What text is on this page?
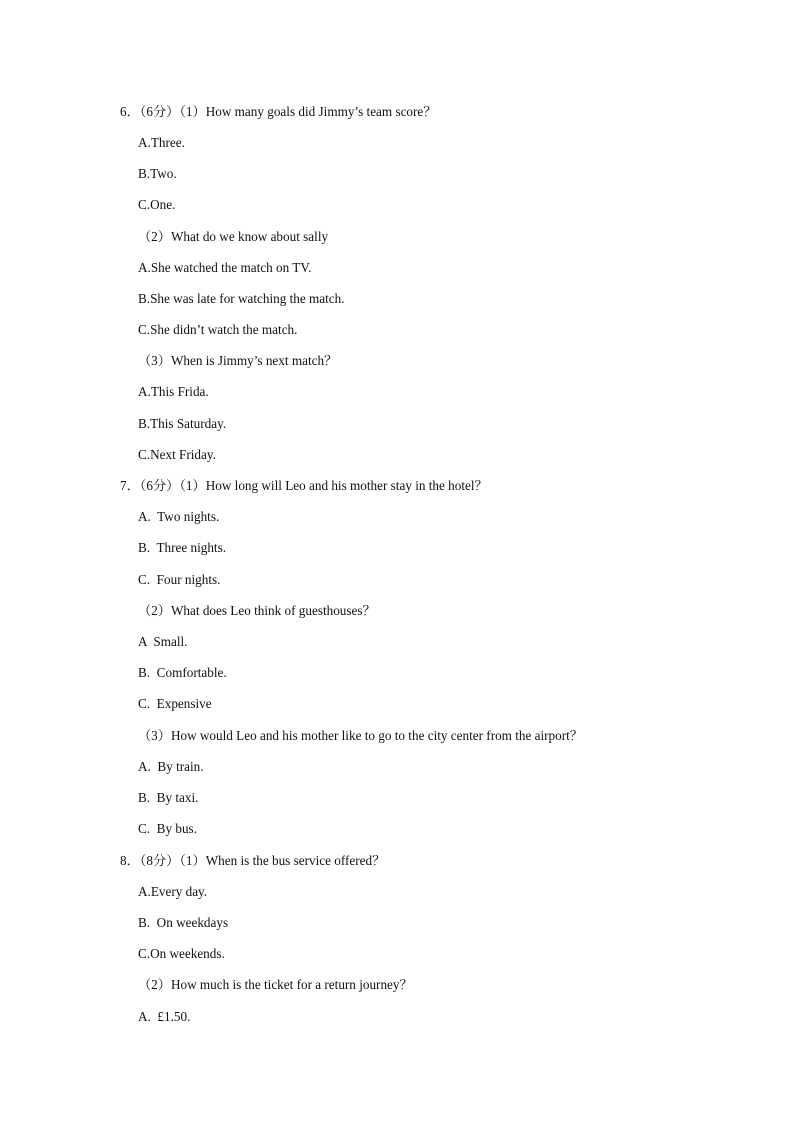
6．（6分）（1）How many goals did Jimmy’s team score？
A.Three.
B.Two.
C.One.
（2）What do we know about sally
A.She watched the match on TV.
B.She was late for watching the match.
C.She didn’t watch the match.
（3）When is Jimmy’s next match？
A.This Frida.
B.This Saturday.
C.Next Friday.
7．（6分）（1）How long will Leo and his mother stay in the hotel？
A.  Two nights.
B.  Three nights.
C.  Four nights.
（2）What does Leo think of guesthouses？
A  Small.
B.  Comfortable.
C.  Expensive
（3）How would Leo and his mother like to go to the city center from the airport？
A.  By train.
B.  By taxi.
C.  By bus.
8．（8分）（1）When is the bus service offered？
A.Every day.
B.  On weekdays
C.On weekends.
（2）How much is the ticket for a return journey？
A.  £1.50.
